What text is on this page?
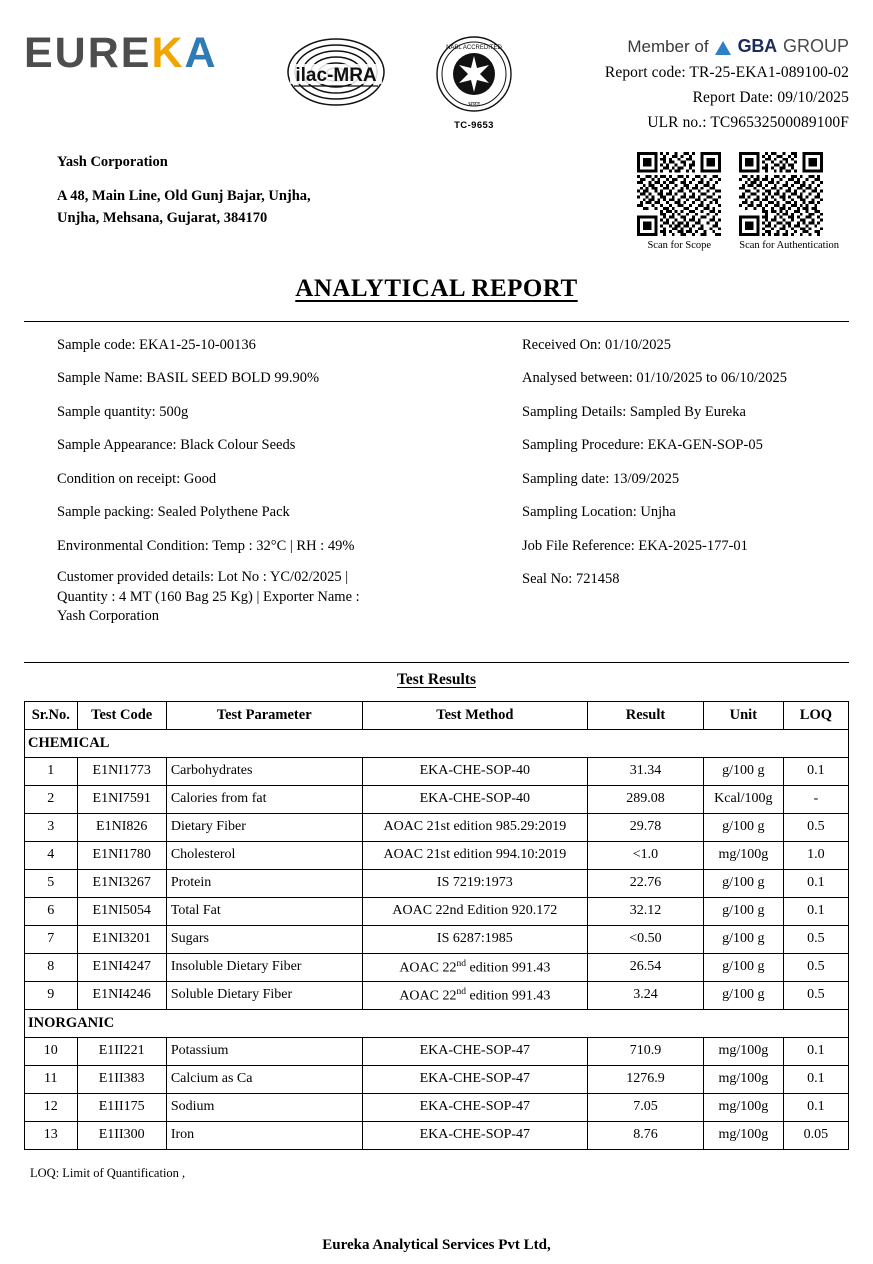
EUREKA	ilac-MRA
NABL ACCREDITED
भारत
TC-9653
Member of GBA GROUP
Report code: TR-25-EKA1-089100-02
Report Date: 09/10/2025
ULR no.: TC96532500089100F
Yash Corporation
A 48, Main Line, Old Gunj Bajar, Unjha,
Unjha, Mehsana, Gujarat, 384170
Scan for Scope	Scan for Authentication
ANALYTICAL REPORT

Sample code: EKA1-25-10-00136

Sample Name: BASIL SEED BOLD 99.90%

Sample quantity: 500g

Sample Appearance: Black Colour Seeds

Condition on receipt: Good

Sample packing: Sealed Polythene Pack

Environmental Condition: Temp : 32°C | RH : 49%

Customer provided details: Lot No : YC/02/2025 |
Quantity : 4 MT (160 Bag 25 Kg) | Exporter Name :
Yash Corporation

Received On: 01/10/2025

Analysed between: 01/10/2025 to 06/10/2025

Sampling Details: Sampled By Eureka

Sampling Procedure: EKA-GEN-SOP-05

Sampling date: 13/09/2025

Sampling Location: Unjha

Job File Reference: EKA-2025-177-01

Seal No: 721458

Test Results
Sr.No.	Test Code	Test Parameter	Test Method	Result	Unit	LOQ
CHEMICAL						
1	E1NI1773	Carbohydrates	EKA-CHE-SOP-40	31.34	g/100 g	0.1
2	E1NI7591	Calories from fat	EKA-CHE-SOP-40	289.08	Kcal/100g	-
3	E1NI826	Dietary Fiber	AOAC 21st edition 985.29:2019	29.78	g/100 g	0.5
4	E1NI1780	Cholesterol	AOAC 21st edition 994.10:2019	<1.0	mg/100g	1.0
5	E1NI3267	Protein	IS 7219:1973	22.76	g/100 g	0.1
6	E1NI5054	Total Fat	AOAC 22nd Edition 920.172	32.12	g/100 g	0.1
7	E1NI3201	Sugars	IS 6287:1985	<0.50	g/100 g	0.5
8	E1NI4247	Insoluble Dietary Fiber	AOAC 22nd edition 991.43	26.54	g/100 g	0.5
9	E1NI4246	Soluble Dietary Fiber	AOAC 22nd edition 991.43	3.24	g/100 g	0.5
INORGANIC						
10	E1II221	Potassium	EKA-CHE-SOP-47	710.9	mg/100g	0.1
11	E1II383	Calcium as Ca	EKA-CHE-SOP-47	1276.9	mg/100g	0.1
12	E1II175	Sodium	EKA-CHE-SOP-47	7.05	mg/100g	0.1
13	E1II300	Iron	EKA-CHE-SOP-47	8.76	mg/100g	0.05
LOQ: Limit of Quantification ,
Eureka Analytical Services Pvt Ltd,
